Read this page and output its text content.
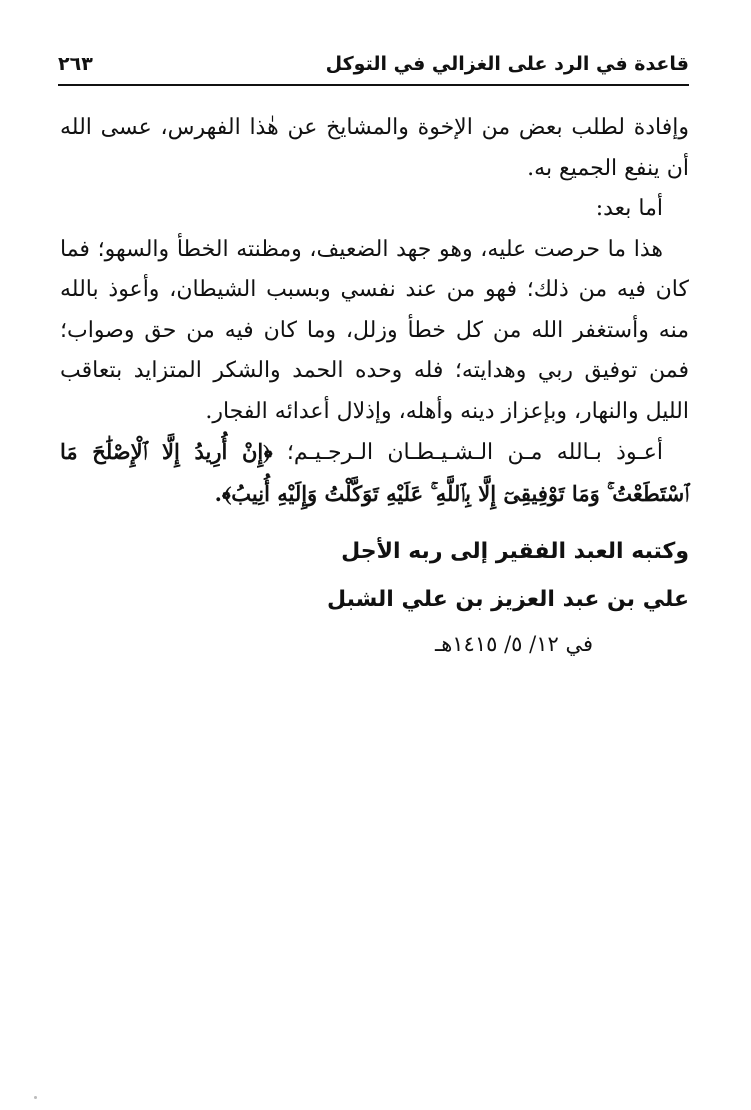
قاعدة في الرد على الغزالي في التوكل
٢٦٣

وإفادة لطلب بعض من الإخوة والمشايخ عن هٰذا الفهرس، عسى الله أن ينفع الجميع به.

أما بعد:

هذا ما حرصت عليه، وهو جهد الضعيف، ومظنته الخطأ والسهو؛ فما كان فيه من ذلك؛ فهو من عند نفسي وبسبب الشيطان، وأعوذ بالله منه وأستغفر الله من كل خطأ وزلل، وما كان فيه من حق وصواب؛ فمن توفيق ربي وهدايته؛ فله وحده الحمد والشكر المتزايد بتعاقب الليل والنهار، وبإعزاز دينه وأهله، وإذلال أعدائه الفجار.

أعـوذ بـالله مـن الـشـيـطـان الـرجـيـم؛ ﴿إِنْ أُرِيدُ إِلَّا ٱلْإِصْلَٰحَ مَا ٱسْتَطَعْتُ ۚ وَمَا تَوْفِيقِىٓ إِلَّا بِٱللَّهِ ۚ عَلَيْهِ تَوَكَّلْتُ وَإِلَيْهِ أُنِيبُ﴾.

وكتبه العبد الفقير إلى ربه الأجل
علي بن عبد العزيز بن علي الشبل
في ١٢/ ٥/ ١٤١٥هـ
